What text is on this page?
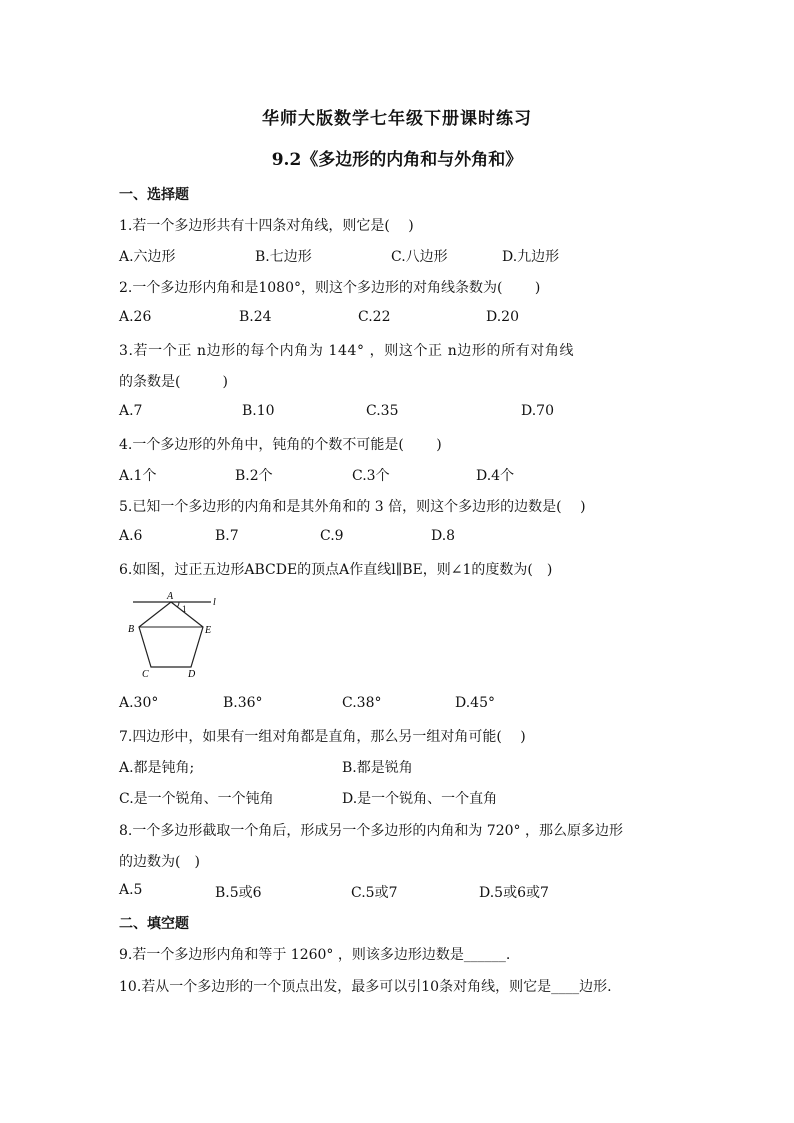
华师大版数学七年级下册课时练习
9.2《多边形的内角和与外角和》
一、选择题
1.若一个多边形共有十四条对角线，则它是(　 )
A.六边形	B.七边形	C.八边形	D.九边形
2.一个多边形内角和是1080°，则这个多边形的对角线条数为(　　 )
A.26	B.24	C.22	D.20
3.若一个正 n边形的每个内角为 144° ，则这个正 n边形的所有对角线
的条数是(　　　)
A.7	B.10	C.35	D.70
4.一个多边形的外角中，钝角的个数不可能是(　　 )
A.1个	B.2个	C.3个	D.4个
5.已知一个多边形的内角和是其外角和的 3 倍，则这个多边形的边数是(　 )
A.6	B.7	C.9	D.8
6.如图，过正五边形ABCDE的顶点A作直线l∥BE，则∠1的度数为(　)
A
l
1
B	E
C	D
A.30°	B.36°	C.38°	D.45°
7.四边形中，如果有一组对角都是直角，那么另一组对角可能(　 )
A.都是钝角;	B.都是锐角
C.是一个锐角、一个钝角	D.是一个锐角、一个直角
8.一个多边形截取一个角后，形成另一个多边形的内角和为 720° ，那么原多边形
的边数为(　)
A.5	B.5或6	C.5或7	D.5或6或7
二、填空题
9.若一个多边形内角和等于 1260° ，则该多边形边数是______.
10.若从一个多边形的一个顶点出发，最多可以引10条对角线，则它是____边形.
